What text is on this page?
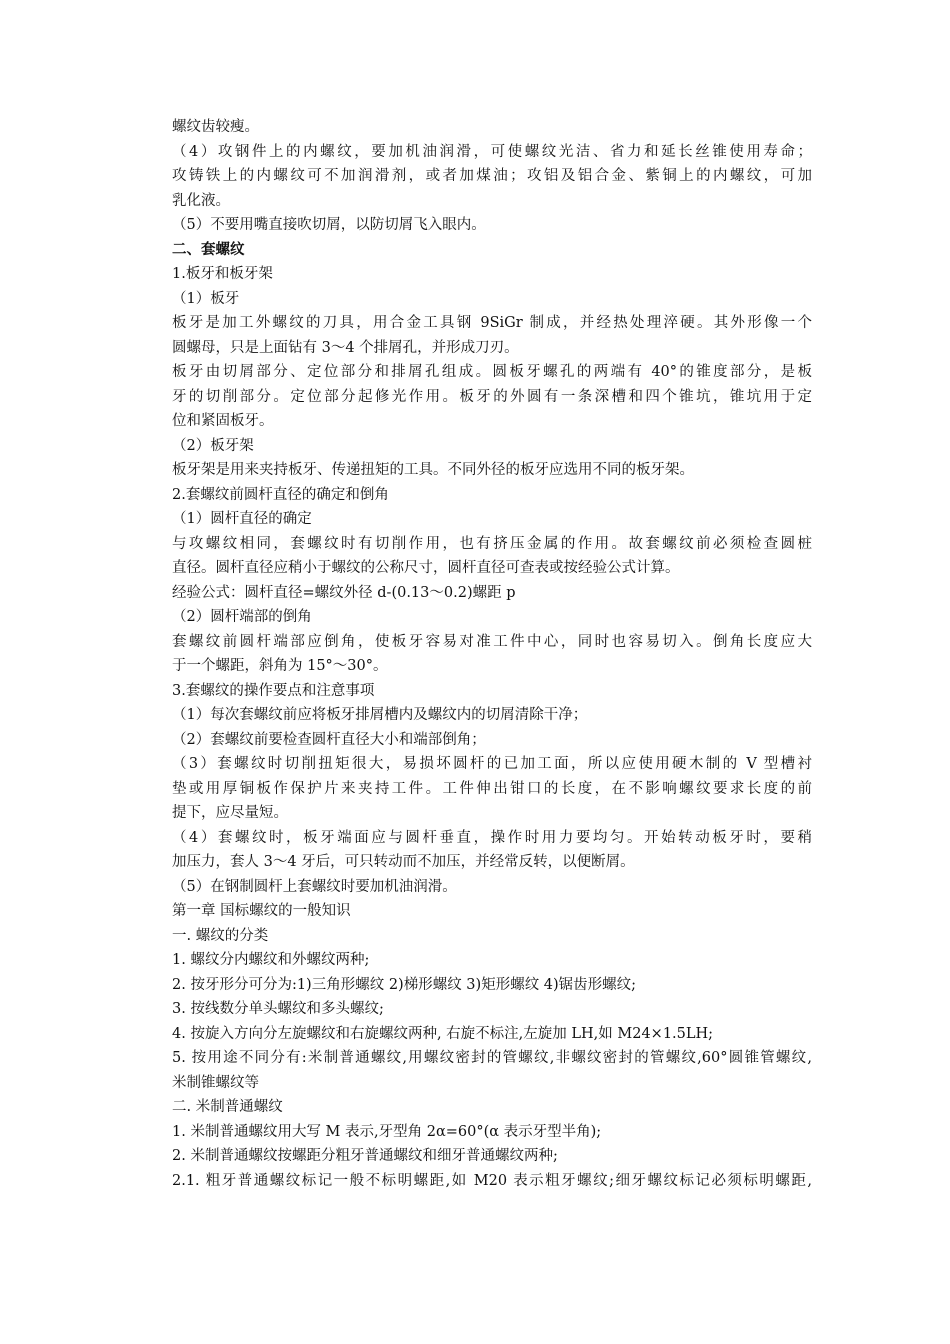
螺纹齿较瘦。
（4）攻钢件上的内螺纹，要加机油润滑，可使螺纹光洁、省力和延长丝锥使用寿命；
攻铸铁上的内螺纹可不加润滑剂，或者加煤油；攻铝及铝合金、紫铜上的内螺纹，可加
乳化液。
（5）不要用嘴直接吹切屑，以防切屑飞入眼内。
二、套螺纹
1.板牙和板牙架
（1）板牙
板牙是加工外螺纹的刀具，用合金工具钢 9SiGr 制成，并经热处理淬硬。其外形像一个
圆螺母，只是上面钻有 3～4 个排屑孔，并形成刀刃。
板牙由切屑部分、定位部分和排屑孔组成。圆板牙螺孔的两端有 40°的锥度部分，是板
牙的切削部分。定位部分起修光作用。板牙的外圆有一条深槽和四个锥坑，锥坑用于定
位和紧固板牙。
（2）板牙架
板牙架是用来夹持板牙、传递扭矩的工具。不同外径的板牙应选用不同的板牙架。
2.套螺纹前圆杆直径的确定和倒角
（1）圆杆直径的确定
与攻螺纹相同，套螺纹时有切削作用，也有挤压金属的作用。故套螺纹前必须检查圆桩
直径。圆杆直径应稍小于螺纹的公称尺寸，圆杆直径可查表或按经验公式计算。
经验公式：圆杆直径=螺纹外径 d-(0.13～0.2)螺距 p
（2）圆杆端部的倒角
套螺纹前圆杆端部应倒角，使板牙容易对准工件中心，同时也容易切入。倒角长度应大
于一个螺距，斜角为 15°～30°。
3.套螺纹的操作要点和注意事项
（1）每次套螺纹前应将板牙排屑槽内及螺纹内的切屑清除干净；
（2）套螺纹前要检查圆杆直径大小和端部倒角；
（3）套螺纹时切削扭矩很大，易损坏圆杆的已加工面，所以应使用硬木制的 V 型槽衬
垫或用厚铜板作保护片来夹持工件。工件伸出钳口的长度，在不影响螺纹要求长度的前
提下，应尽量短。
（4）套螺纹时，板牙端面应与圆杆垂直，操作时用力要均匀。开始转动板牙时，要稍
加压力，套人 3～4 牙后，可只转动而不加压，并经常反转，以便断屑。
（5）在钢制圆杆上套螺纹时要加机油润滑。
第一章 国标螺纹的一般知识
一. 螺纹的分类
1. 螺纹分内螺纹和外螺纹两种;
2. 按牙形分可分为:1)三角形螺纹 2)梯形螺纹 3)矩形螺纹 4)锯齿形螺纹;
3. 按线数分单头螺纹和多头螺纹;
4. 按旋入方向分左旋螺纹和右旋螺纹两种, 右旋不标注,左旋加 LH,如 M24×1.5LH;
5. 按用途不同分有:米制普通螺纹,用螺纹密封的管螺纹,非螺纹密封的管螺纹,60°圆锥管螺纹,
米制锥螺纹等
二. 米制普通螺纹
1. 米制普通螺纹用大写 M 表示,牙型角 2α=60°(α 表示牙型半角);
2. 米制普通螺纹按螺距分粗牙普通螺纹和细牙普通螺纹两种;
2.1. 粗牙普通螺纹标记一般不标明螺距,如 M20 表示粗牙螺纹;细牙螺纹标记必须标明螺距,
